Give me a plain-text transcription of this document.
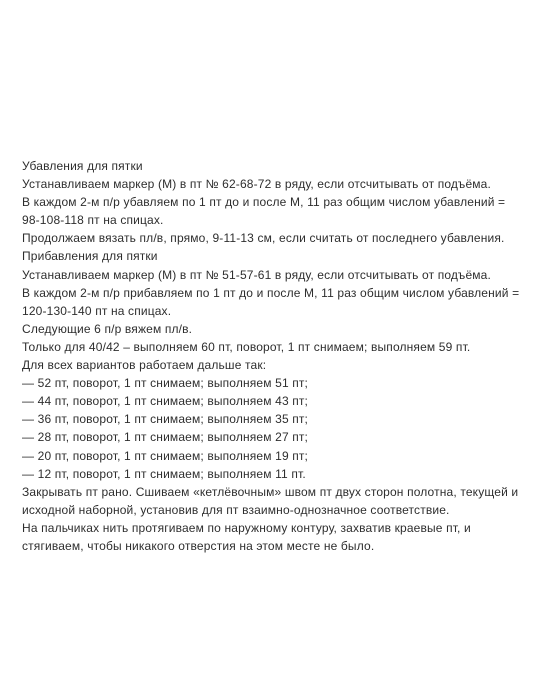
Убавления для пятки

Устанавливаем маркер (М) в пт № 62-68-72 в ряду, если отсчитывать от подъёма.

В каждом 2-м п/р убавляем по 1 пт до и после М, 11 раз общим числом убавлений = 98-108-118 пт на спицах.

Продолжаем вязать пл/в, прямо, 9-11-13 см, если считать от последнего убавления.

Прибавления для пятки

Устанавливаем маркер (М) в пт № 51-57-61 в ряду, если отсчитывать от подъёма.

В каждом 2-м п/р прибавляем по 1 пт до и после М, 11 раз общим числом убавлений = 120-130-140 пт на спицах.

Следующие 6 п/р вяжем пл/в.

Только для 40/42 – выполняем 60 пт, поворот, 1 пт снимаем; выполняем 59 пт.

Для всех вариантов работаем дальше так:

— 52 пт, поворот, 1 пт снимаем; выполняем 51 пт;

— 44 пт, поворот, 1 пт снимаем; выполняем 43 пт;

— 36 пт, поворот, 1 пт снимаем; выполняем 35 пт;

— 28 пт, поворот, 1 пт снимаем; выполняем 27 пт;

— 20 пт, поворот, 1 пт снимаем; выполняем 19 пт;

— 12 пт, поворот, 1 пт снимаем; выполняем 11 пт.

Закрывать пт рано. Сшиваем «кетлёвочным» швом пт двух сторон полотна, текущей и исходной наборной, установив для пт взаимно-однозначное соответствие.

На пальчиках нить протягиваем по наружному контуру, захватив краевые пт, и стягиваем, чтобы никакого отверстия на этом месте не было.
